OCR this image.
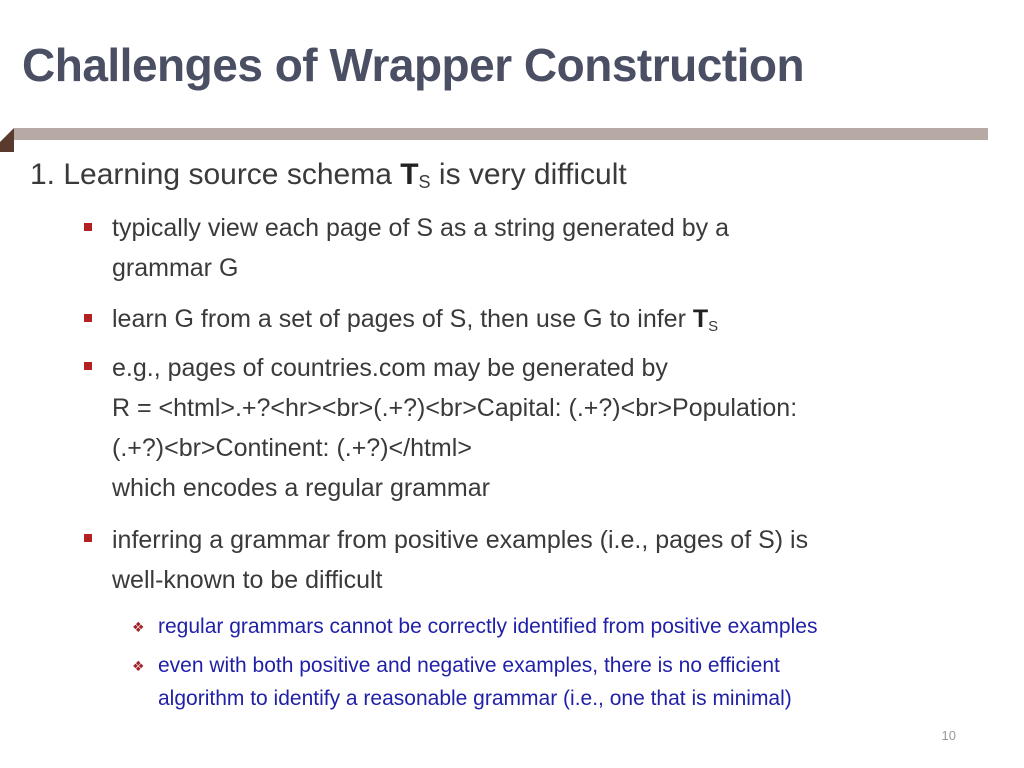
Challenges of Wrapper Construction
1. Learning source schema $T_S$ is very difficult
typically view each page of S as a string generated by a
grammar G
learn G from a set of pages of S, then use G to infer $T_S$
e.g., pages of countries.com may be generated by
R = <html>.+?<hr><br>(.+?)<br>Capital: (.+?)<br>Population:
(.+?)<br>Continent: (.+?)</html>
which encodes a regular grammar
inferring a grammar from positive examples (i.e., pages of S) is
well-known to be difficult
❖ regular grammars cannot be correctly identified from positive examples
❖ even with both positive and negative examples, there is no efficient
algorithm to identify a reasonable grammar (i.e., one that is minimal)
10
